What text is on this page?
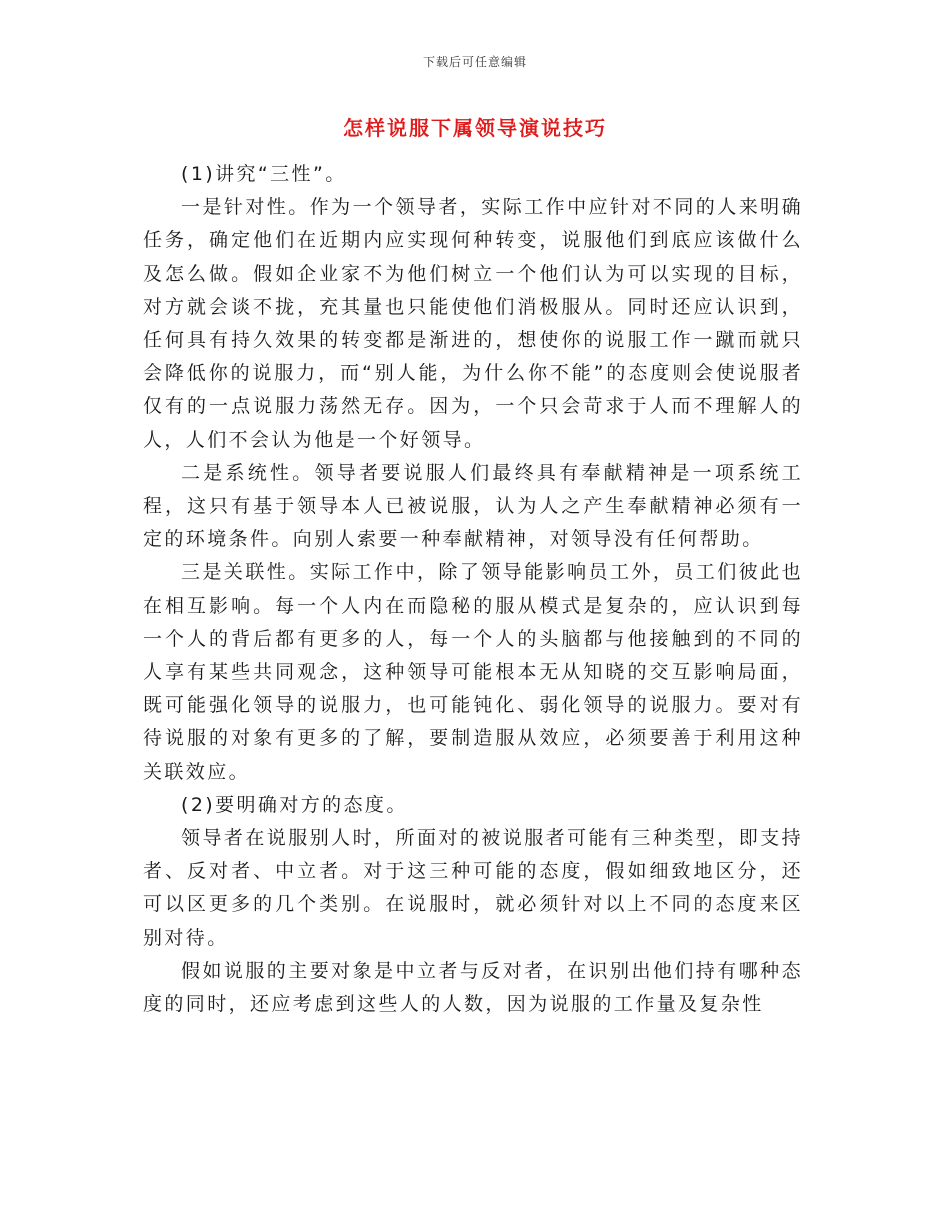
下载后可任意编辑
怎样说服下属领导演说技巧

(1)讲究“三性”。

一是针对性。作为一个领导者，实际工作中应针对不同的人来明确任务，确定他们在近期内应实现何种转变，说服他们到底应该做什么及怎么做。假如企业家不为他们树立一个他们认为可以实现的目标，对方就会谈不拢，充其量也只能使他们消极服从。同时还应认识到，任何具有持久效果的转变都是渐进的，想使你的说服工作一蹴而就只会降低你的说服力，而“别人能，为什么你不能”的态度则会使说服者仅有的一点说服力荡然无存。因为，一个只会苛求于人而不理解人的人，人们不会认为他是一个好领导。

二是系统性。领导者要说服人们最终具有奉献精神是一项系统工程，这只有基于领导本人已被说服，认为人之产生奉献精神必须有一定的环境条件。向别人索要一种奉献精神，对领导没有任何帮助。

三是关联性。实际工作中，除了领导能影响员工外，员工们彼此也在相互影响。每一个人内在而隐秘的服从模式是复杂的，应认识到每一个人的背后都有更多的人，每一个人的头脑都与他接触到的不同的人享有某些共同观念，这种领导可能根本无从知晓的交互影响局面，既可能强化领导的说服力，也可能钝化、弱化领导的说服力。要对有待说服的对象有更多的了解，要制造服从效应，必须要善于利用这种关联效应。

(2)要明确对方的态度。

领导者在说服别人时，所面对的被说服者可能有三种类型，即支持者、反对者、中立者。对于这三种可能的态度，假如细致地区分，还可以区更多的几个类别。在说服时，就必须针对以上不同的态度来区别对待。

假如说服的主要对象是中立者与反对者，在识别出他们持有哪种态度的同时，还应考虑到这些人的人数，因为说服的工作量及复杂性
